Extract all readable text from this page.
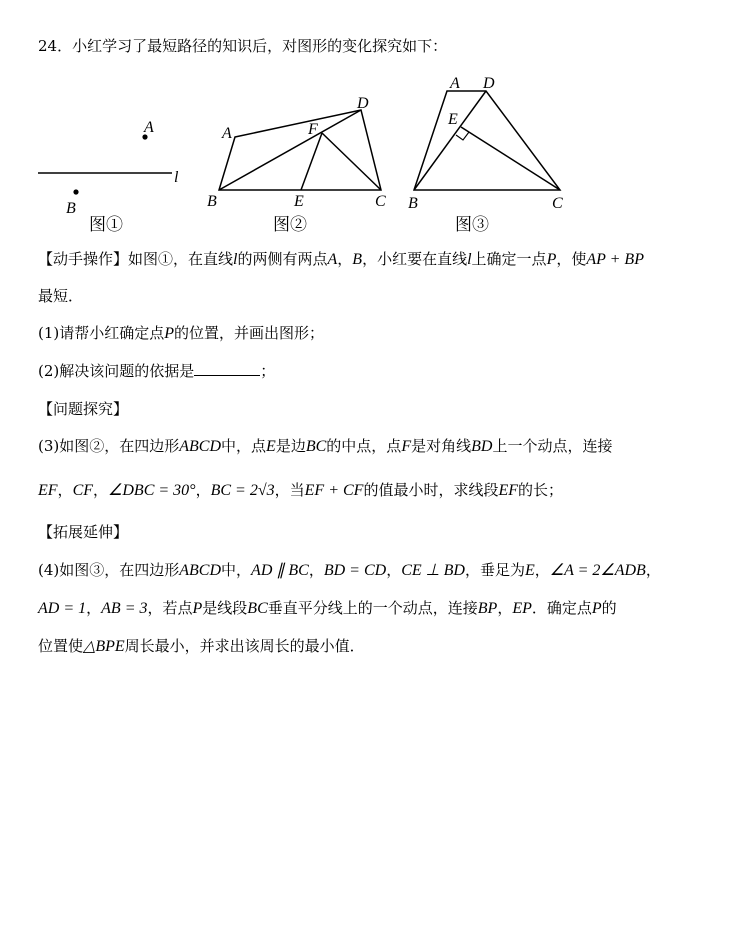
24．小红学习了最短路径的知识后，对图形的变化探究如下：
A
B
l
图①
A
D
F
B	E	C
图②
A D
E
B	C
图③
【动手操作】如图①，在直线l的两侧有两点A，B，小红要在直线l上确定一点P，使AP + BP
最短．
(1)请帮小红确定点P的位置，并画出图形；
(2)解决该问题的依据是	；
【问题探究】
(3)如图②，在四边形ABCD中，点E是边BC的中点，点F是对角线BD上一个动点，连接
EF，CF，∠DBC = 30°，BC = 2√3，当EF + CF的值最小时，求线段EF的长；
【拓展延伸】
(4)如图③，在四边形ABCD中，AD ∥ BC，BD = CD，CE ⊥ BD，垂足为E，∠A = 2∠ADB，
AD = 1，AB = 3，若点P是线段BC垂直平分线上的一个动点，连接BP，EP．确定点P的
位置使△BPE周长最小，并求出该周长的最小值．
